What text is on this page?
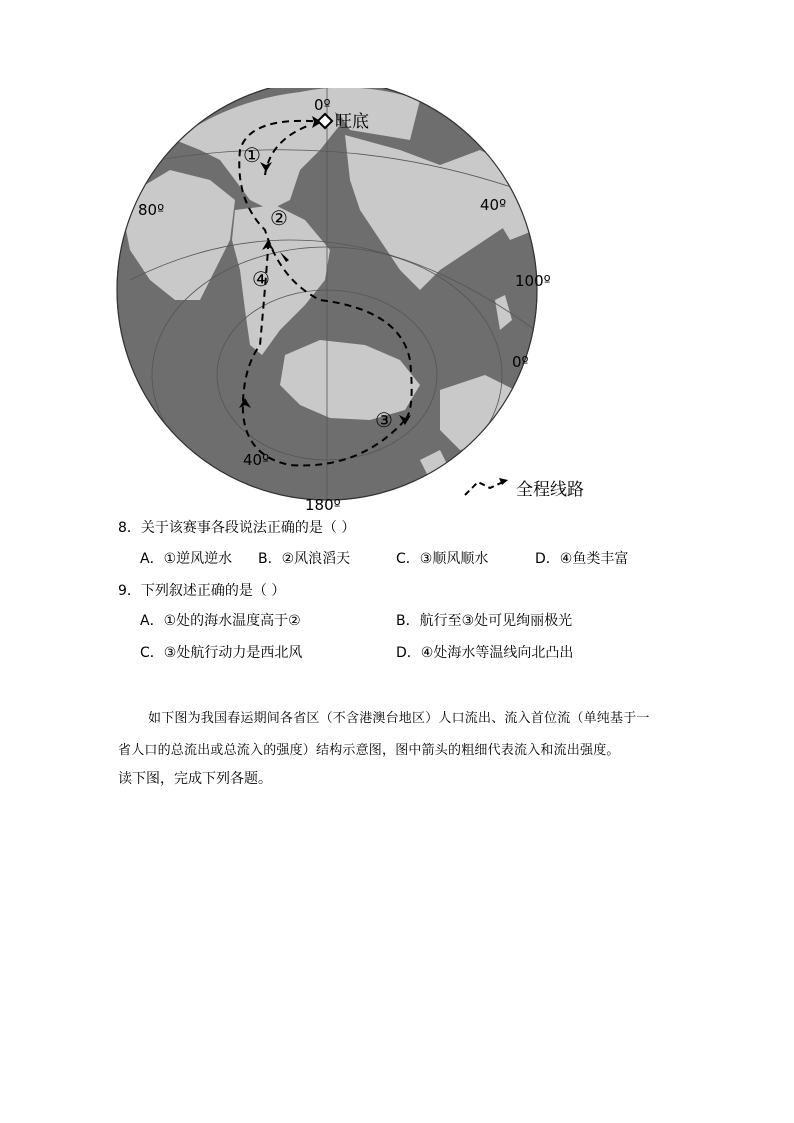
①
②
④
③
0º
旺底
80º	40º
100º
0º
40º
180º
全程线路
8．关于该赛事各段说法正确的是（ ）
A．①逆风逆水 B．②风浪滔天	C．③顺风顺水	D．④鱼类丰富
9．下列叙述正确的是（ ）
A．①处的海水温度高于②	B．航行至③处可见绚丽极光
C．③处航行动力是西北风	D．④处海水等温线向北凸出
如下图为我国春运期间各省区（不含港澳台地区）人口流出、流入首位流（单纯基于一
省人口的总流出或总流入的强度）结构示意图，图中箭头的粗细代表流入和流出强度。
读下图，完成下列各题。
